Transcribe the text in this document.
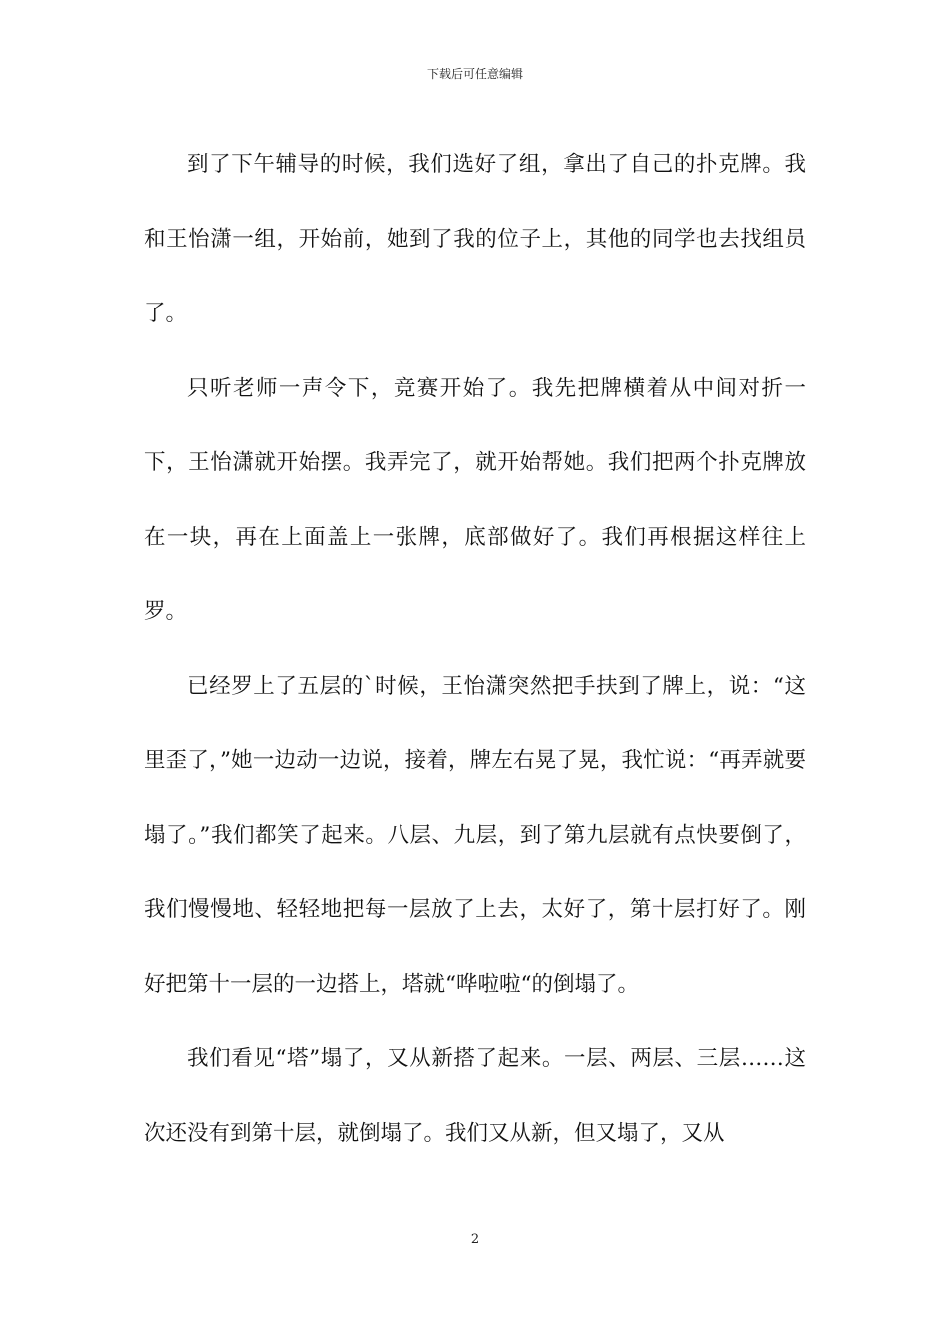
下载后可任意编辑

到了下午辅导的时候，我们选好了组，拿出了自己的扑克牌。我和王怡潇一组，开始前，她到了我的位子上，其他的同学也去找组员了。

只听老师一声令下，竞赛开始了。我先把牌横着从中间对折一下，王怡潇就开始摆。我弄完了，就开始帮她。我们把两个扑克牌放在一块，再在上面盖上一张牌，底部做好了。我们再根据这样往上罗。

已经罗上了五层的`时候，王怡潇突然把手扶到了牌上，说：“这里歪了，”她一边动一边说，接着，牌左右晃了晃，我忙说：“再弄就要塌了。”我们都笑了起来。八层、九层，到了第九层就有点快要倒了，我们慢慢地、轻轻地把每一层放了上去，太好了，第十层打好了。刚好把第十一层的一边搭上，塔就“哗啦啦“的倒塌了。

我们看见“塔”塌了，又从新搭了起来。一层、两层、三层……这次还没有到第十层，就倒塌了。我们又从新，但又塌了，又从

2
